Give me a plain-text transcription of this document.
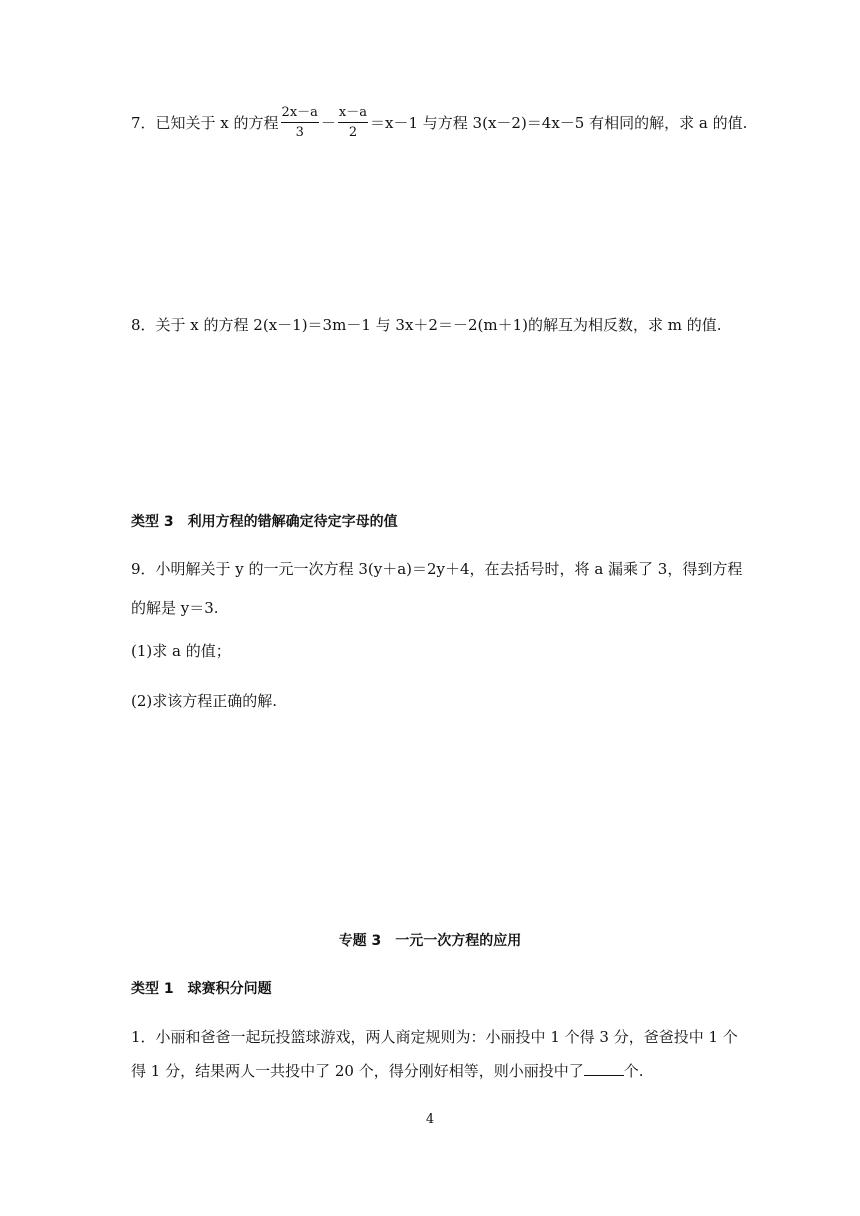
7．已知关于 x 的方程 $\frac{2x-a}{3} - \frac{x-a}{2} =x-1$ 与方程 3(x－2)＝4x－5 有相同的解，求 a 的值.
8．关于 x 的方程 2(x－1)＝3m－1 与 3x＋2＝－2(m＋1)的解互为相反数，求 m 的值.
类型 3　利用方程的错解确定待定字母的值
9．小明解关于 y 的一元一次方程 3(y＋a)＝2y＋4，在去括号时，将 a 漏乘了 3，得到方程
的解是 y＝3.
(1)求 a 的值；
(2)求该方程正确的解.
专题 3　一元一次方程的应用
类型 1　球赛积分问题
1．小丽和爸爸一起玩投篮球游戏，两人商定规则为：小丽投中 1 个得 3 分，爸爸投中 1 个
得 1 分，结果两人一共投中了 20 个，得分刚好相等，则小丽投中了	个.
4
